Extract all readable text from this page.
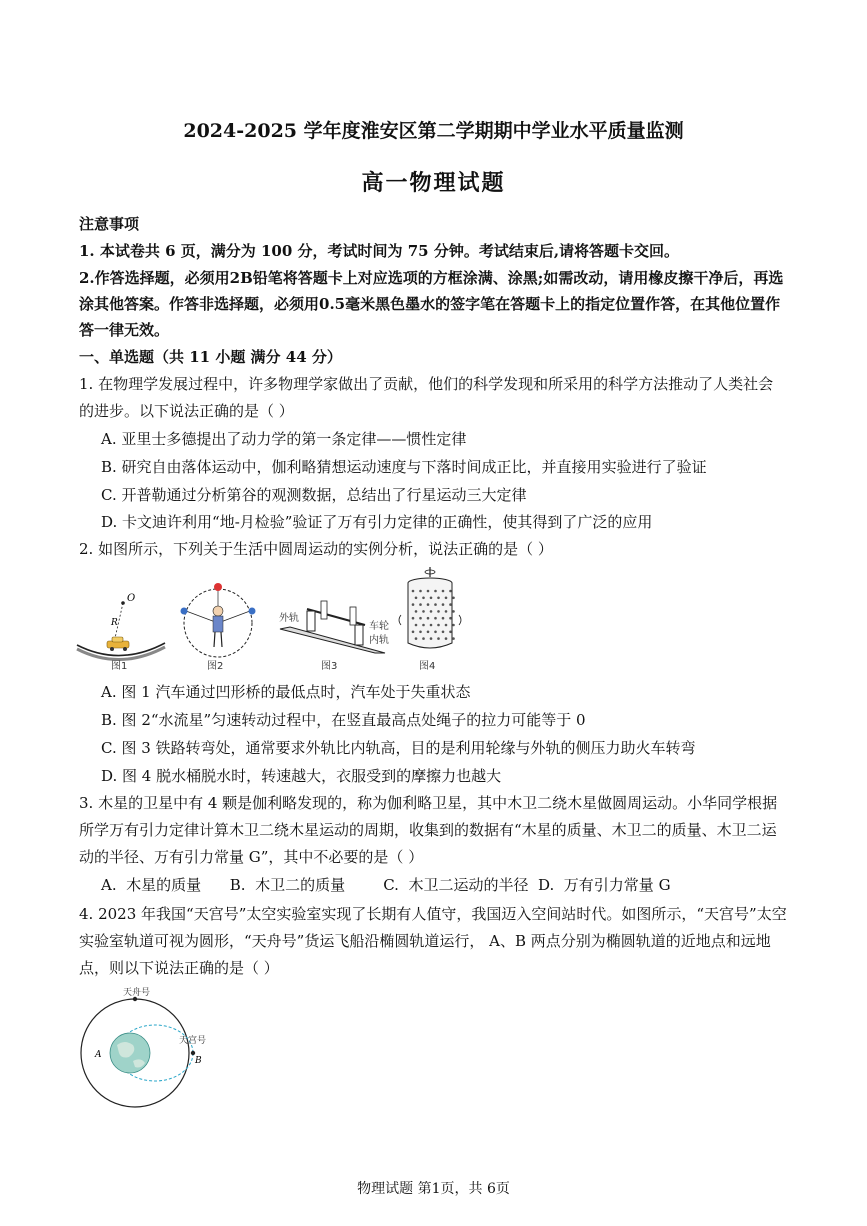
2024-2025 学年度淮安区第二学期期中学业水平质量监测
高一物理试题
注意事项
1. 本试卷共 6 页，满分为 100 分，考试时间为 75 分钟。考试结束后,请将答题卡交回。
2.作答选择题，必须用2B铅笔将答题卡上对应选项的方框涂满、涂黑;如需改动，请用橡皮擦干净后，再选
涂其他答案。作答非选择题，必须用0.5毫米黑色墨水的签字笔在答题卡上的指定位置作答，在其他位置作
答一律无效。
一、单选题（共 11 小题 满分 44 分）
1. 在物理学发展过程中，许多物理学家做出了贡献，他们的科学发现和所采用的科学方法推动了人类社会
的进步。以下说法正确的是（ ）
A. 亚里士多德提出了动力学的第一条定律——惯性定律
B. 研究自由落体运动中，伽利略猜想运动速度与下落时间成正比，并直接用实验进行了验证
C. 开普勒通过分析第谷的观测数据，总结出了行星运动三大定律
D. 卡文迪许利用“地-月检验”验证了万有引力定律的正确性，使其得到了广泛的应用
2. 如图所示，下列关于生活中圆周运动的实例分析，说法正确的是（ ）
O
R
图1	图2
外轨
车轮
内轨
图3	图4
A. 图 1 汽车通过凹形桥的最低点时，汽车处于失重状态
B. 图 2“水流星”匀速转动过程中，在竖直最高点处绳子的拉力可能等于 0
C. 图 3 铁路转弯处，通常要求外轨比内轨高，目的是利用轮缘与外轨的侧压力助火车转弯
D. 图 4 脱水桶脱水时，转速越大，衣服受到的摩擦力也越大
3. 木星的卫星中有 4 颗是伽利略发现的，称为伽利略卫星，其中木卫二绕木星做圆周运动。小华同学根据
所学万有引力定律计算木卫二绕木星运动的周期，收集到的数据有“木星的质量、木卫二的质量、木卫二运
动的半径、万有引力常量 G”，其中不必要的是（ ）
A.  木星的质量      B.  木卫二的质量        C.  木卫二运动的半径  D.  万有引力常量 G
4. 2023 年我国“天宫号”太空实验室实现了长期有人值守，我国迈入空间站时代。如图所示，“天宫号”太空
实验室轨道可视为圆形，“天舟号”货运飞船沿椭圆轨道运行， A、B 两点分别为椭圆轨道的近地点和远地
点，则以下说法正确的是（ ）
天舟号
天宫号
B
A
物理试题 第1页，共 6页
